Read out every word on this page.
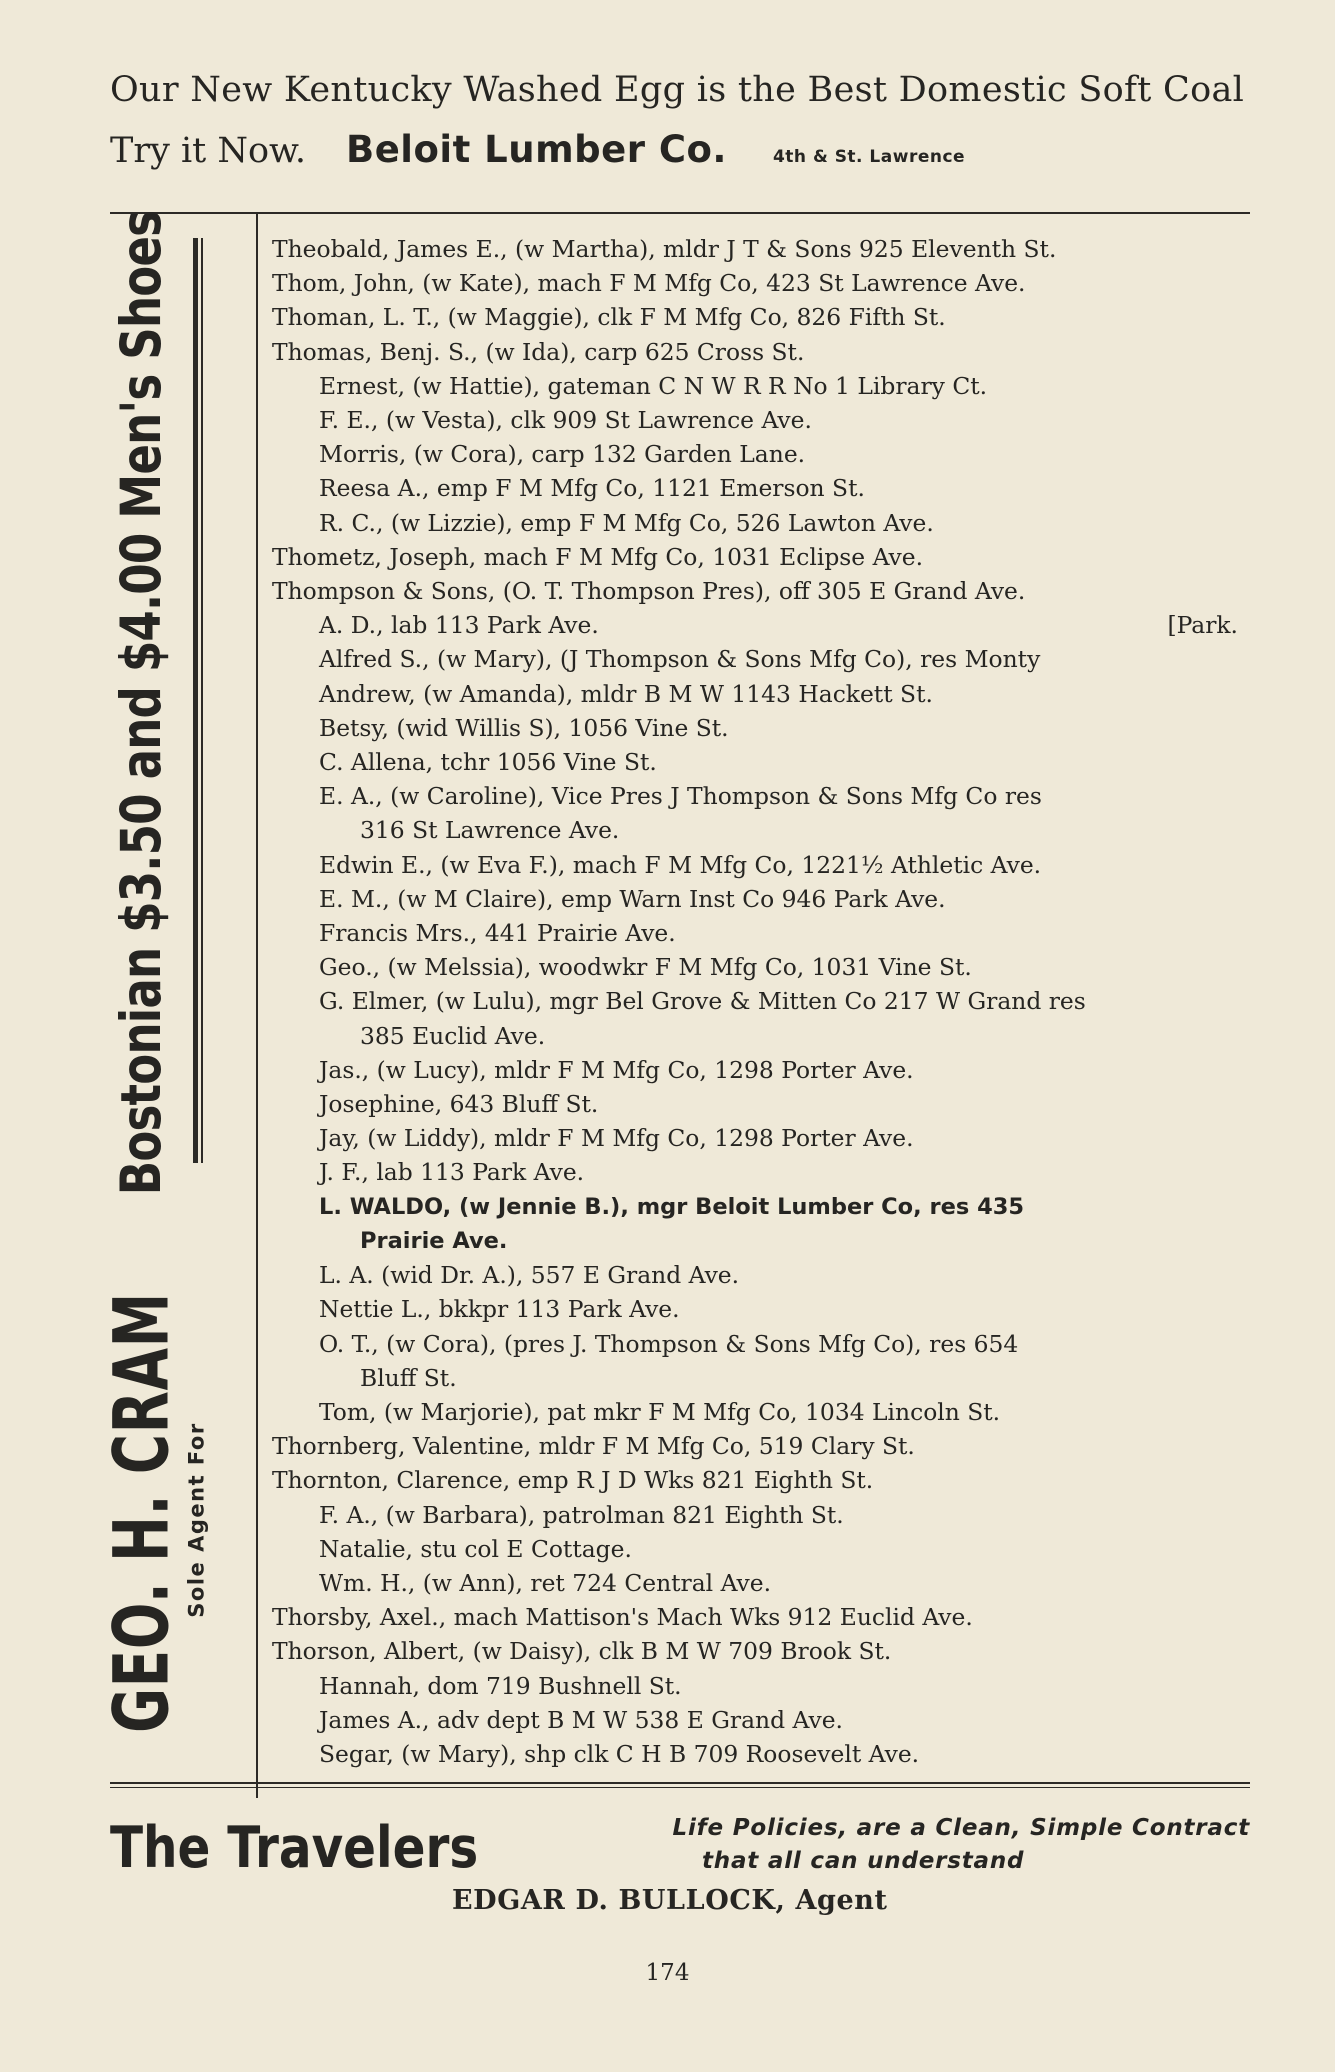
Our New Kentucky Washed Egg is the Best Domestic Soft Coal
Try it Now. Beloit Lumber Co.	4th & St. Lawrence
Bostonian $3.50 and $4.00 Men's Shoes
GEO. H. CRAM Sole Agent For
Theobald, James E., (w Martha), mldr J T & Sons 925 Eleventh St.
Thom, John, (w Kate), mach F M Mfg Co, 423 St Lawrence Ave.
Thoman, L. T., (w Maggie), clk F M Mfg Co, 826 Fifth St.
Thomas, Benj. S., (w Ida), carp 625 Cross St.
Ernest, (w Hattie), gateman C N W R R No 1 Library Ct.
F. E., (w Vesta), clk 909 St Lawrence Ave.
Morris, (w Cora), carp 132 Garden Lane.
Reesa A., emp F M Mfg Co, 1121 Emerson St.
R. C., (w Lizzie), emp F M Mfg Co, 526 Lawton Ave.
Thometz, Joseph, mach F M Mfg Co, 1031 Eclipse Ave.
Thompson & Sons, (O. T. Thompson Pres), off 305 E Grand Ave.
A. D., lab 113 Park Ave.	[Park.
Alfred S., (w Mary), (J Thompson & Sons Mfg Co), res Monty
Andrew, (w Amanda), mldr B M W 1143 Hackett St.
Betsy, (wid Willis S), 1056 Vine St.
C. Allena, tchr 1056 Vine St.
E. A., (w Caroline), Vice Pres J Thompson & Sons Mfg Co res
316 St Lawrence Ave.
Edwin E., (w Eva F.), mach F M Mfg Co, 1221½ Athletic Ave.
E. M., (w M Claire), emp Warn Inst Co 946 Park Ave.
Francis Mrs., 441 Prairie Ave.
Geo., (w Melssia), woodwkr F M Mfg Co, 1031 Vine St.
G. Elmer, (w Lulu), mgr Bel Grove & Mitten Co 217 W Grand res
385 Euclid Ave.
Jas., (w Lucy), mldr F M Mfg Co, 1298 Porter Ave.
Josephine, 643 Bluff St.
Jay, (w Liddy), mldr F M Mfg Co, 1298 Porter Ave.
J. F., lab 113 Park Ave.
L. WALDO, (w Jennie B.), mgr Beloit Lumber Co, res 435
Prairie Ave.
L. A. (wid Dr. A.), 557 E Grand Ave.
Nettie L., bkkpr 113 Park Ave.
O. T., (w Cora), (pres J. Thompson & Sons Mfg Co), res 654
Bluff St.
Tom, (w Marjorie), pat mkr F M Mfg Co, 1034 Lincoln St.
Thornberg, Valentine, mldr F M Mfg Co, 519 Clary St.
Thornton, Clarence, emp R J D Wks 821 Eighth St.
F. A., (w Barbara), patrolman 821 Eighth St.
Natalie, stu col E Cottage.
Wm. H., (w Ann), ret 724 Central Ave.
Thorsby, Axel., mach Mattison's Mach Wks 912 Euclid Ave.
Thorson, Albert, (w Daisy), clk B M W 709 Brook St.
Hannah, dom 719 Bushnell St.
James A., adv dept B M W 538 E Grand Ave.
Segar, (w Mary), shp clk C H B 709 Roosevelt Ave.
The Travelers	Life Policies, are a Clean, Simple Contract
that all can understand
EDGAR D. BULLOCK, Agent
174
